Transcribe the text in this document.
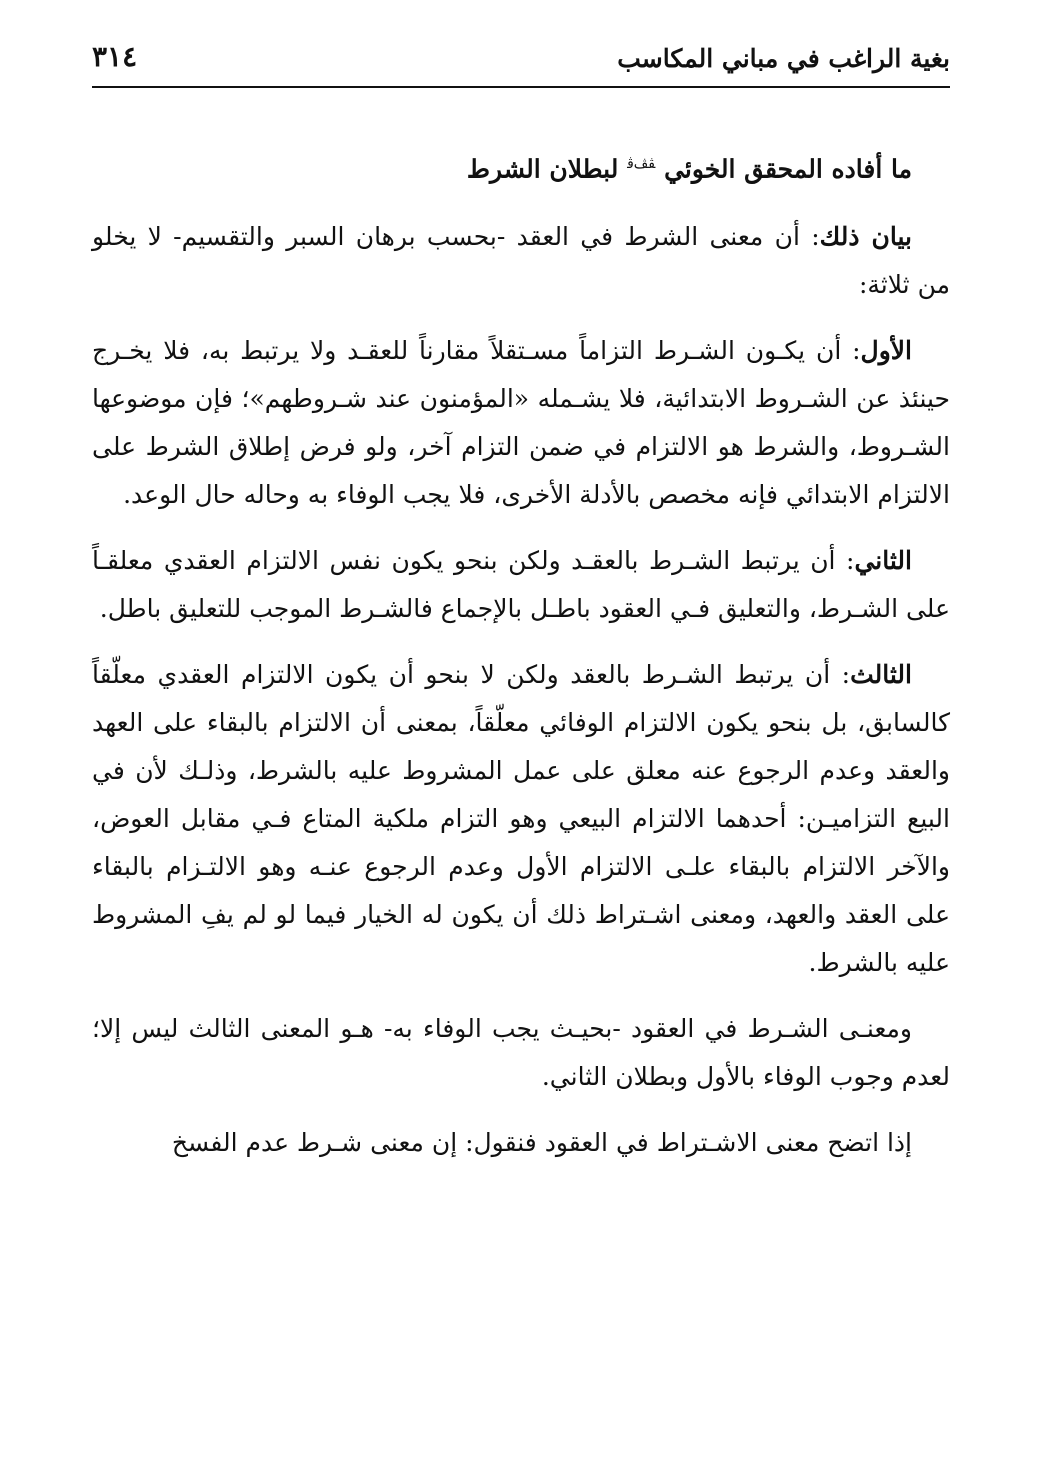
بغية الراغب في مباني المكاسب
٣١٤
ما أفاده المحقق الخوئي $^{ﭭﭫﭬ}$ لبطلان الشرط

بيان ذلك: أن معنى الشرط في العقد -بحسب برهان السبر والتقسيم- لا يخلو من ثلاثة:

الأول: أن يكـون الشـرط التزاماً مسـتقلاً مقارناً للعقـد ولا يرتبط به، فلا يخـرج حينئذ عن الشـروط الابتدائية، فلا يشـمله «المؤمنون عند شـروطهم»؛ فإن موضوعها الشـروط، والشرط هو الالتزام في ضمن التزام آخر، ولو فرض إطلاق الشرط على الالتزام الابتدائي فإنه مخصص بالأدلة الأخرى، فلا يجب الوفاء به وحاله حال الوعد.

الثاني: أن يرتبط الشـرط بالعقـد ولكن بنحو يكون نفس الالتزام العقدي معلقـاً على الشـرط، والتعليق فـي العقود باطـل بالإجماع فالشـرط الموجب للتعليق باطل.

الثالث: أن يرتبط الشـرط بالعقد ولكن لا بنحو أن يكون الالتزام العقدي معلّقاً كالسابق، بل بنحو يكون الالتزام الوفائي معلّقاً، بمعنى أن الالتزام بالبقاء على العهد والعقد وعدم الرجوع عنه معلق على عمل المشروط عليه بالشرط، وذلـك لأن في البيع التزاميـن: أحدهما الالتزام البيعي وهو التزام ملكية المتاع فـي مقابل العوض، والآخر الالتزام بالبقاء علـى الالتزام الأول وعدم الرجوع عنـه وهو الالتـزام بالبقاء على العقد والعهد، ومعنى اشـتراط ذلك أن يكون له الخيار فيما لو لم يفِ المشروط عليه بالشرط.

ومعنـى الشـرط في العقود -بحيـث يجب الوفاء به- هـو المعنى الثالث ليس إلا؛ لعدم وجوب الوفاء بالأول وبطلان الثاني.

إذا اتضح معنى الاشـتراط في العقود فنقول: إن معنى شـرط عدم الفسخ
